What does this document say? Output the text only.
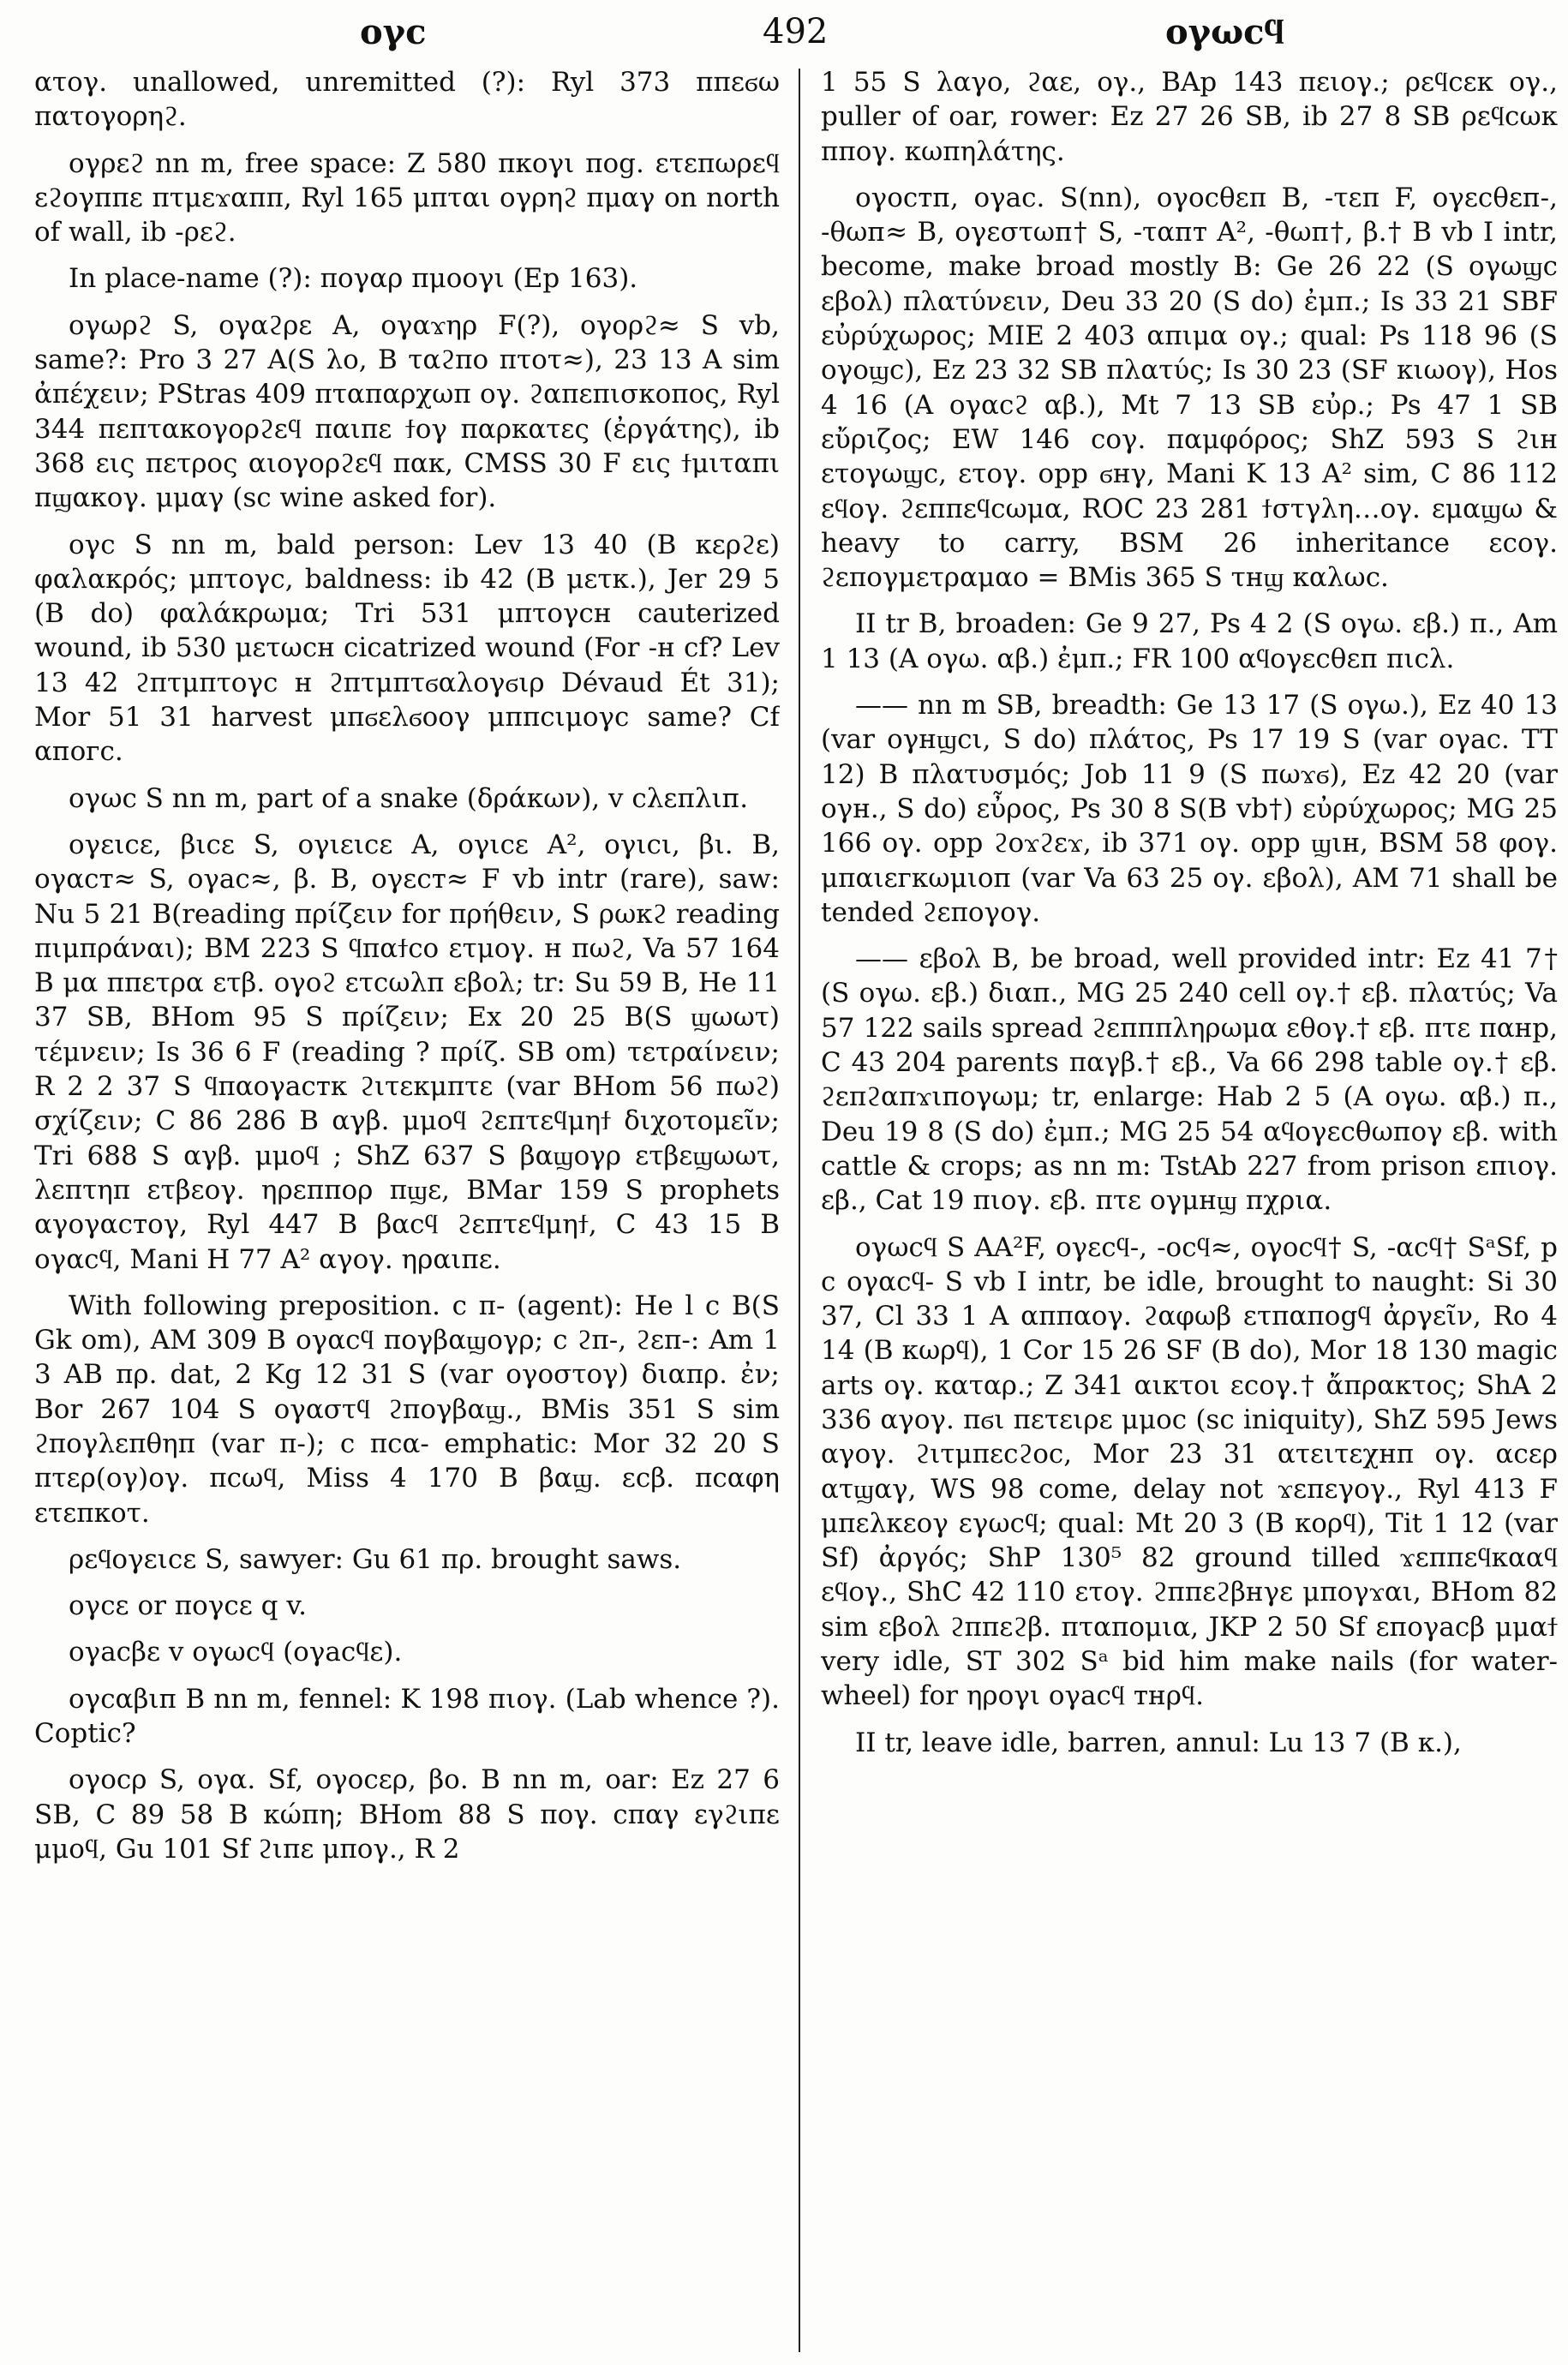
ογс	492	ογωсϥ

ατογ. unallowed, unremitted (?): Ryl 373 ππεϭω πατογορηϩ.

ογρεϩ nn m, free space: Z 580 πκογι ποg. ετεπωρεϥ εϩογππε πτμεϫαππ, Ryl 165 μπται ογρηϩ πμαγ on north of wall, ib -ρεϩ.

In place-name (?): πογαρ πμοογι (Ep 163).

ογωρϩ S, ογαϩρε A, ογαϫηρ F(?), ογορϩ≈ S vb, same?: Pro 3 27 A(S λο, B ταϩπο πτοτ≈), 23 13 A sim ἀπέχειν; PStras 409 πταπαρχωπ ογ. ϩαπεπισκοπος, Ryl 344 πεπτακογορϩεϥ παιπε ϯογ παρκατες (ἐργάτης), ib 368 εις πετρος αιογορϩεϥ πακ, CMSS 30 F εις ϯμιταπι πϣακογ. μμαγ (sc wine asked for).

ογс S nn m, bald person: Lev 13 40 (B κερϩε) φαλακρός; μπτογс, baldness: ib 42 (B μετκ.), Jer 29 5 (B do) φαλάκρωμα; Tri 531 μπτογсн cauterized wound, ib 530 μετωсн cicatrized wound (For -н cf? Lev 13 42 ϩπτμπτογс н ϩπτμπτϭαλογϭιρ Dévaud Ét 31); Mor 51 31 harvest μπϭελϭοογ μππсιμογс same? Cf αпогс.

ογωс S nn m, part of a snake (δράκων), v cλεπλιп.

ογειсε, βιсε S, ογιειсε A, ογιсε A², ογιсι, βι. B, ογαст≈ S, ογас≈, β. B, ογεст≈ F vb intr (rare), saw: Nu 5 21 B(reading πρίζειν for πρήθειν, S ρωκϩ reading πιμπράναι); BM 223 S ϥπαϯсο ετμογ. н πωϩ, Va 57 164 B μα ππετρα ετβ. ογοϩ ετсωλπ εβολ; tr: Su 59 B, He 11 37 SB, BHom 95 S πρίζειν; Ex 20 25 B(S ϣωωτ) τέμνειν; Is 36 6 F (reading ? πρίζ. SB om) τετραίνειν; R 2 2 37 S ϥπαογастк ϩιτεκμπτε (var BHom 56 πωϩ) σχίζειν; C 86 286 B αγβ. μμοϥ ϩεπτεϥμηϯ διχοτομεῖν; Tri 688 S αγβ. μμοϥ ; ShZ 637 S βαϣογρ ετβεϣωωτ, λεπτηπ ετβεογ. ηρεππορ πϣε, BMar 159 S prophets αγογαстογ, Ryl 447 B βαсϥ ϩεπτεϥμηϯ, C 43 15 B ογαсϥ, Mani H 77 A² αγογ. ηραιπε.

With following preposition. c π- (agent): He l c B(S Gk om), AM 309 B ογαсϥ πογβαϣογρ; c ϩπ-, ϩεπ-: Am 1 3 AB πρ. dat, 2 Kg 12 31 S (var ογοστογ) διαπρ. ἐν; Bor 267 104 S ογαστϥ ϩπογβαϣ., BMis 351 S sim ϩπογλεπθηπ (var π-); c πсα- emphatic: Mor 32 20 S πτερ(ογ)ογ. πсωϥ, Miss 4 170 B βαϣ. εсβ. πсαφη ετεπκοτ.

ρεϥογειсε S, sawyer: Gu 61 πρ. brought saws.

ογсε or πογсε q v.

ογасβε v ογωсϥ (ογасϥε).

ογсαβιп B nn m, fennel: K 198 πιογ. (Lab whence ?). Coptic?

ογοсρ S, ογα. Sf, ογοсερ, βο. B nn m, oar: Ez 27 6 SB, C 89 58 B κώπη; BHom 88 S πογ. сπαγ εγϩιπε μμοϥ, Gu 101 Sf ϩιπε μπογ., R 2

1 55 S λαγο, ϩαε, ογ., BAp 143 πειογ.; ρεϥсεκ ογ., puller of oar, rower: Ez 27 26 SB, ib 27 8 SB ρεϥсωκ ππογ. κωπηλάτης.

ογοстп, ογас. S(nn), ογοсθεπ B, -τεπ F, ογεсθεп-, -θωп≈ B, ογεστωп† S, -ταпт A², -θωп†, β.† B vb I intr, become, make broad mostly B: Ge 26 22 (S ογωϣс εβολ) πλατύνειν, Deu 33 20 (S do) ἐμπ.; Is 33 21 SBF εὐρύχωρος; MIE 2 403 απιμα ογ.; qual: Ps 118 96 (S ογοϣс), Ez 23 32 SB πλατύς; Is 30 23 (SF κιωογ), Hos 4 16 (A ογαсϩ αβ.), Mt 7 13 SB εὐρ.; Ps 47 1 SB εὔριζος; EW 146 сογ. παμφόρος; ShZ 593 S ϩιн ετογωϣс, ετογ. opp ϭнγ, Mani K 13 A² sim, C 86 112 εϥογ. ϩεππεϥсωμα, ROC 23 281 ϯστγλη…ογ. εμαϣω & heavy to carry, BSM 26 inheritance εсογ. ϩεπογμετραμαο = BMis 365 S τнϣ καλωс.

II tr B, broaden: Ge 9 27, Ps 4 2 (S ογω. εβ.) π., Am 1 13 (A ογω. αβ.) ἐμπ.; FR 100 αϥογεсθεп πιсλ.

—— nn m SB, breadth: Ge 13 17 (S ογω.), Ez 40 13 (var ογнϣсι, S do) πλάτος, Ps 17 19 S (var ογас. TT 12) B πλατυσμός; Job 11 9 (S πωϫϭ), Ez 42 20 (var ογн., S do) εὖρος, Ps 30 8 S(B vb†) εὐρύχωρος; MG 25 166 ογ. opp ϩοϫϩεϫ, ib 371 ογ. opp ϣιн, BSM 58 φογ. μπαιεгкωμιοп (var Va 63 25 ογ. εβολ), AM 71 shall be tended ϩεπογογ.

—— εβολ B, be broad, well provided intr: Ez 41 7† (S ογω. εβ.) διαπ., MG 25 240 cell ογ.† εβ. πλατύς; Va 57 122 sails spread ϩεπππληρωμα εθογ.† εβ. πτε παнр, C 43 204 parents παγβ.† εβ., Va 66 298 table ογ.† εβ. ϩεπϩαπϫιпογωμ; tr, enlarge: Hab 2 5 (A ογω. αβ.) π., Deu 19 8 (S do) ἐμπ.; MG 25 54 αϥογεсθωпογ εβ. with cattle & crops; as nn m: TstAb 227 from prison επιογ. εβ., Cat 19 πιογ. εβ. πτε ογμнϣ πχρια.

ογωсϥ S AA²F, ογεсϥ-, -οсϥ≈, ογοсϥ† S, -αсϥ† SᵃSf, p c ογαсϥ- S vb I intr, be idle, brought to naught: Si 30 37, Cl 33 1 A αππαογ. ϩαφωβ ετπαποgϥ ἀργεῖν, Ro 4 14 (B κωρϥ), 1 Cor 15 26 SF (B do), Mor 18 130 magic arts ογ. καταρ.; Z 341 αικτοι εсογ.† ἄπρακτος; ShA 2 336 αγογ. πϭι πετειρε μμοс (sc iniquity), ShZ 595 Jews αγογ. ϩιτμπεсϩοс, Mor 23 31 ατειτεχнп ογ. αсερ ατϣαγ, WS 98 come, delay not ϫεπεγογ., Ryl 413 F μπελκεογ εγωсϥ; qual: Mt 20 3 (B κορϥ), Tit 1 12 (var Sf) ἀργός; ShP 130⁵ 82 ground tilled ϫεππεϥκααϥ εϥογ., ShC 42 110 ετογ. ϩππεϩβнγε μπογϫαι, BHom 82 sim εβολ ϩππεϩβ. πταπομια, JKP 2 50 Sf εпογасβ μμαϯ very idle, ST 302 Sᵃ bid him make nails (for water-wheel) for ηρογι ογасϥ тнρϥ.

II tr, leave idle, barren, annul: Lu 13 7 (B κ.),
